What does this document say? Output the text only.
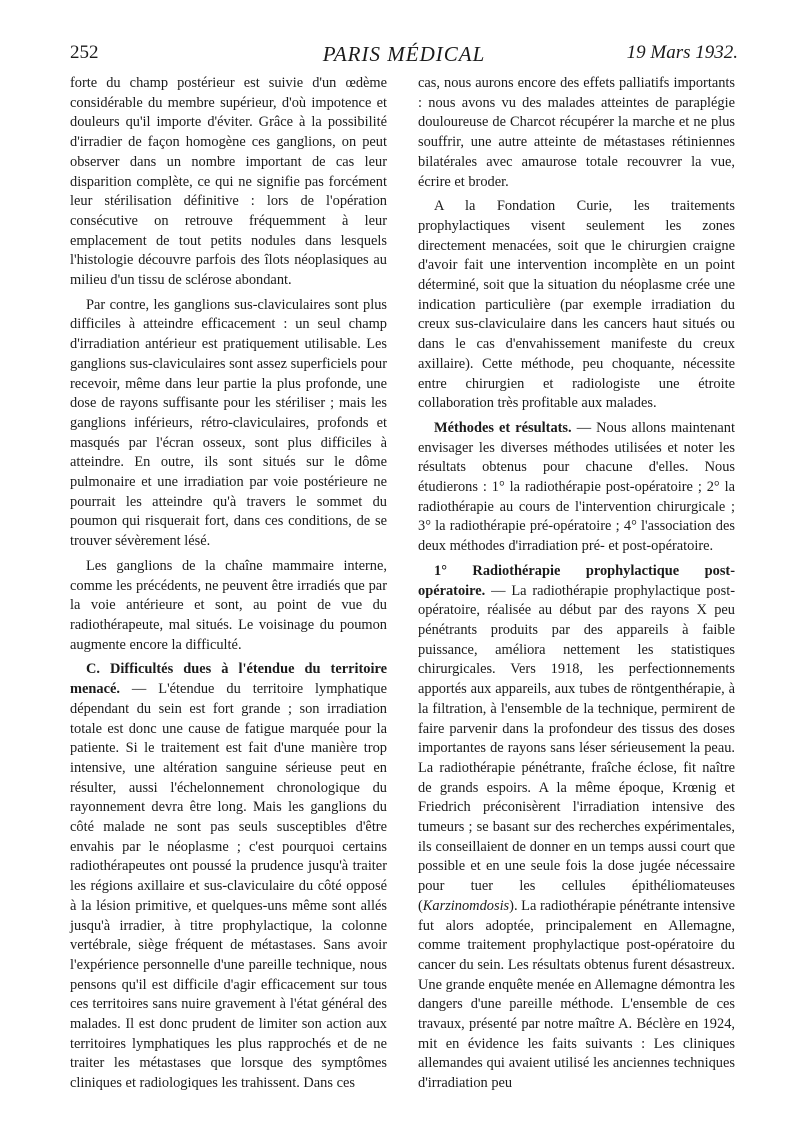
252	PARIS MÉDICAL	19 Mars 1932.

forte du champ postérieur est suivie d'un œdème considérable du membre supérieur, d'où impotence et douleurs qu'il importe d'éviter. Grâce à la possibilité d'irradier de façon homogène ces ganglions, on peut observer dans un nombre important de cas leur disparition complète, ce qui ne signifie pas forcément leur stérilisation définitive : lors de l'opération consécutive on retrouve fréquemment à leur emplacement de tout petits nodules dans lesquels l'histologie découvre parfois des îlots néoplasiques au milieu d'un tissu de sclérose abondant.

Par contre, les ganglions sus-claviculaires sont plus difficiles à atteindre efficacement : un seul champ d'irradiation antérieur est pratiquement utilisable. Les ganglions sus-claviculaires sont assez superficiels pour recevoir, même dans leur partie la plus profonde, une dose de rayons suffisante pour les stériliser ; mais les ganglions inférieurs, rétro-claviculaires, profonds et masqués par l'écran osseux, sont plus difficiles à atteindre. En outre, ils sont situés sur le dôme pulmonaire et une irradiation par voie postérieure ne pourrait les atteindre qu'à travers le sommet du poumon qui risquerait fort, dans ces conditions, de se trouver sévèrement lésé.

Les ganglions de la chaîne mammaire interne, comme les précédents, ne peuvent être irradiés que par la voie antérieure et sont, au point de vue du radiothérapeute, mal situés. Le voisinage du poumon augmente encore la difficulté.

C. Difficultés dues à l'étendue du territoire menacé. — L'étendue du territoire lymphatique dépendant du sein est fort grande ; son irradiation totale est donc une cause de fatigue marquée pour la patiente. Si le traitement est fait d'une manière trop intensive, une altération sanguine sérieuse peut en résulter, aussi l'échelonnement chronologique du rayonnement devra être long. Mais les ganglions du côté malade ne sont pas seuls susceptibles d'être envahis par le néoplasme ; c'est pourquoi certains radiothérapeutes ont poussé la prudence jusqu'à traiter les régions axillaire et sus-claviculaire du côté opposé à la lésion primitive, et quelques-uns même sont allés jusqu'à irradier, à titre prophylactique, la colonne vertébrale, siège fréquent de métastases. Sans avoir l'expérience personnelle d'une pareille technique, nous pensons qu'il est difficile d'agir efficacement sur tous ces territoires sans nuire gravement à l'état général des malades. Il est donc prudent de limiter son action aux territoires lymphatiques les plus rapprochés et de ne traiter les métastases que lorsque des symptômes cliniques et radiologiques les trahissent. Dans ces

cas, nous aurons encore des effets palliatifs importants : nous avons vu des malades atteintes de paraplégie douloureuse de Charcot récupérer la marche et ne plus souffrir, une autre atteinte de métastases rétiniennes bilatérales avec amaurose totale recouvrer la vue, écrire et broder.

A la Fondation Curie, les traitements prophylactiques visent seulement les zones directement menacées, soit que le chirurgien craigne d'avoir fait une intervention incomplète en un point déterminé, soit que la situation du néoplasme crée une indication particulière (par exemple irradiation du creux sus-claviculaire dans les cancers haut situés ou dans le cas d'envahissement manifeste du creux axillaire). Cette méthode, peu choquante, nécessite entre chirurgien et radiologiste une étroite collaboration très profitable aux malades.

Méthodes et résultats. — Nous allons maintenant envisager les diverses méthodes utilisées et noter les résultats obtenus pour chacune d'elles. Nous étudierons : 1° la radiothérapie post-opératoire ; 2° la radiothérapie au cours de l'intervention chirurgicale ; 3° la radiothérapie pré-opératoire ; 4° l'association des deux méthodes d'irradiation pré- et post-opératoire.

1° Radiothérapie prophylactique post-opératoire. — La radiothérapie prophylactique post-opératoire, réalisée au début par des rayons X peu pénétrants produits par des appareils à faible puissance, améliora nettement les statistiques chirurgicales. Vers 1918, les perfectionnements apportés aux appareils, aux tubes de röntgenthérapie, à la filtration, à l'ensemble de la technique, permirent de faire parvenir dans la profondeur des tissus des doses importantes de rayons sans léser sérieusement la peau. La radiothérapie pénétrante, fraîche éclose, fit naître de grands espoirs. A la même époque, Krœnig et Friedrich préconisèrent l'irradiation intensive des tumeurs ; se basant sur des recherches expérimentales, ils conseillaient de donner en un temps aussi court que possible et en une seule fois la dose jugée nécessaire pour tuer les cellules épithéliomateuses (Karzinomdosis). La radiothérapie pénétrante intensive fut alors adoptée, principalement en Allemagne, comme traitement prophylactique post-opératoire du cancer du sein. Les résultats obtenus furent désastreux. Une grande enquête menée en Allemagne démontra les dangers d'une pareille méthode. L'ensemble de ces travaux, présenté par notre maître A. Béclère en 1924, mit en évidence les faits suivants : Les cliniques allemandes qui avaient utilisé les anciennes techniques d'irradiation peu
